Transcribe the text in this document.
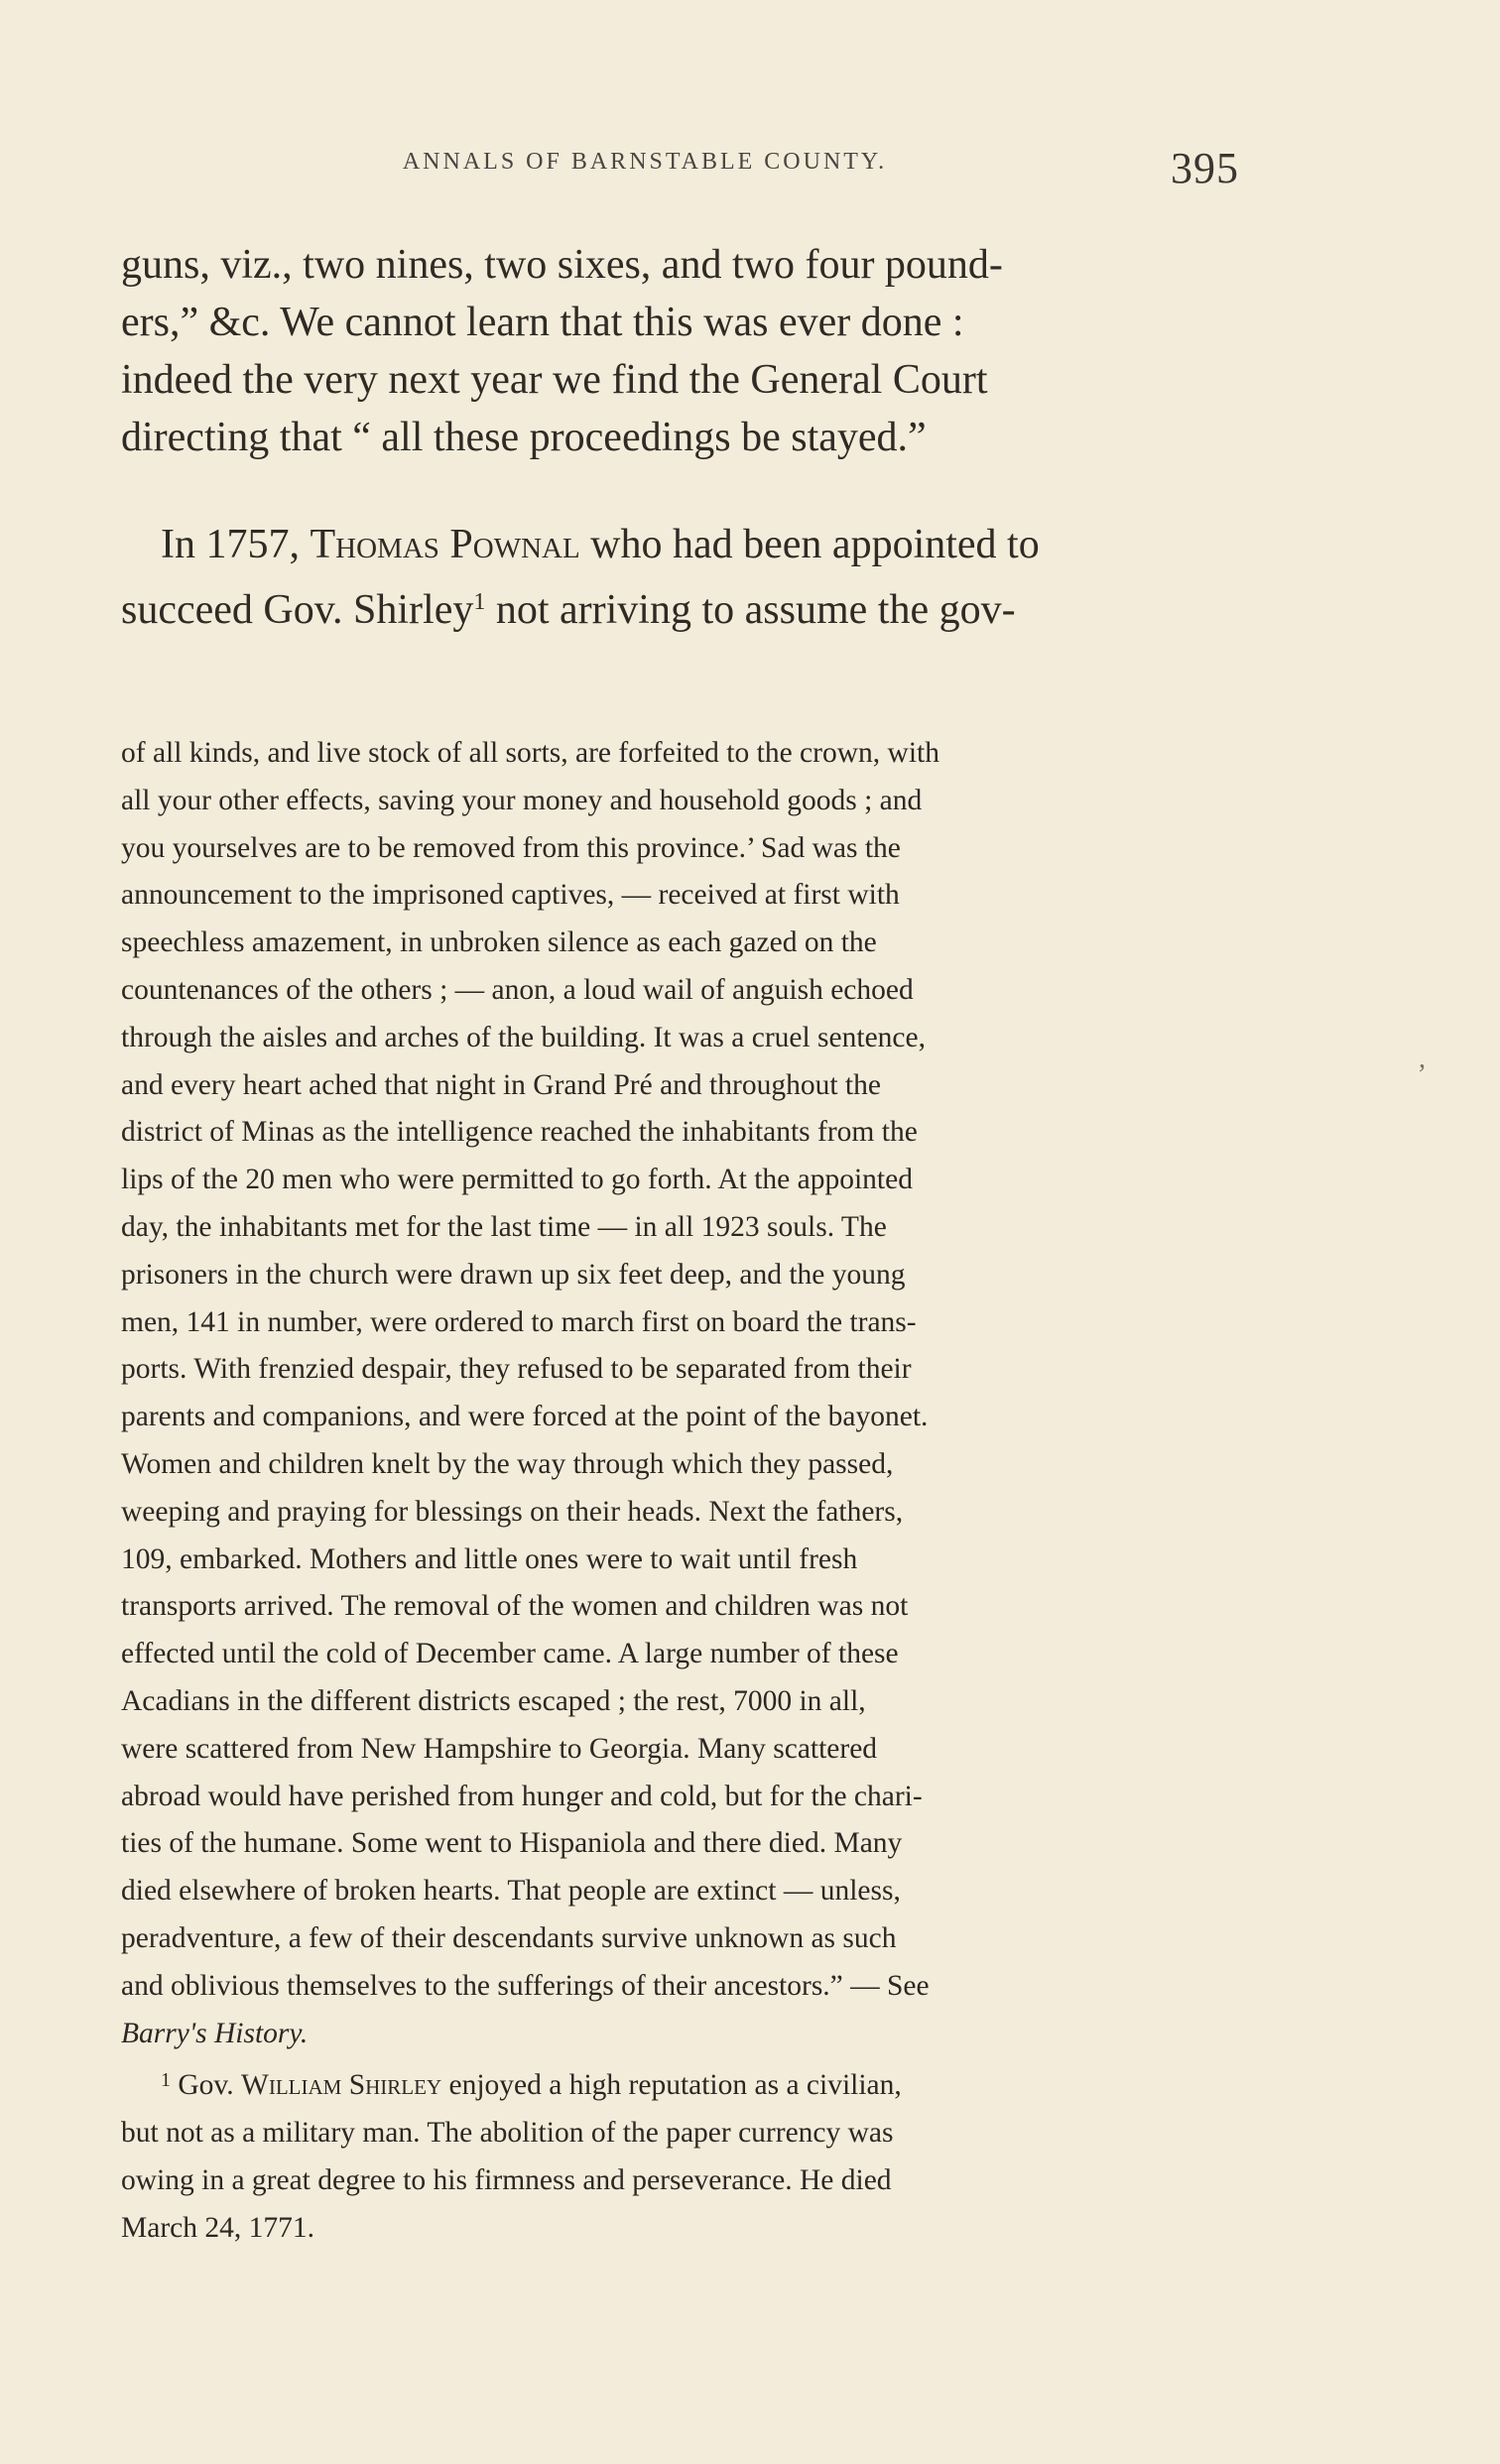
ANNALS OF BARNSTABLE COUNTY.	395
guns, viz., two nines, two sixes, and two four pound-
ers,” &c. We cannot learn that this was ever done :
indeed the very next year we find the General Court
directing that “ all these proceedings be stayed.”
In 1757, Thomas Pownal who had been appointed to
succeed Gov. Shirley$^1$ not arriving to assume the gov-
of all kinds, and live stock of all sorts, are forfeited to the crown, with
all your other effects, saving your money and household goods ; and
you yourselves are to be removed from this province.’ Sad was the
announcement to the imprisoned captives, — received at first with
speechless amazement, in unbroken silence as each gazed on the
countenances of the others ; — anon, a loud wail of anguish echoed
through the aisles and arches of the building. It was a cruel sentence,
and every heart ached that night in Grand Pré and throughout the
district of Minas as the intelligence reached the inhabitants from the
lips of the 20 men who were permitted to go forth. At the appointed
day, the inhabitants met for the last time — in all 1923 souls. The
prisoners in the church were drawn up six feet deep, and the young
men, 141 in number, were ordered to march first on board the trans-
ports. With frenzied despair, they refused to be separated from their
parents and companions, and were forced at the point of the bayonet.
Women and children knelt by the way through which they passed,
weeping and praying for blessings on their heads. Next the fathers,
109, embarked. Mothers and little ones were to wait until fresh
transports arrived. The removal of the women and children was not
effected until the cold of December came. A large number of these
Acadians in the different districts escaped ; the rest, 7000 in all,
were scattered from New Hampshire to Georgia. Many scattered
abroad would have perished from hunger and cold, but for the chari-
ties of the humane. Some went to Hispaniola and there died. Many
died elsewhere of broken hearts. That people are extinct — unless,
peradventure, a few of their descendants survive unknown as such
and oblivious themselves to the sufferings of their ancestors.” — See
Barry's History.
$^1$ Gov. William Shirley enjoyed a high reputation as a civilian,
but not as a military man. The abolition of the paper currency was
owing in a great degree to his firmness and perseverance. He died
March 24, 1771.
,
